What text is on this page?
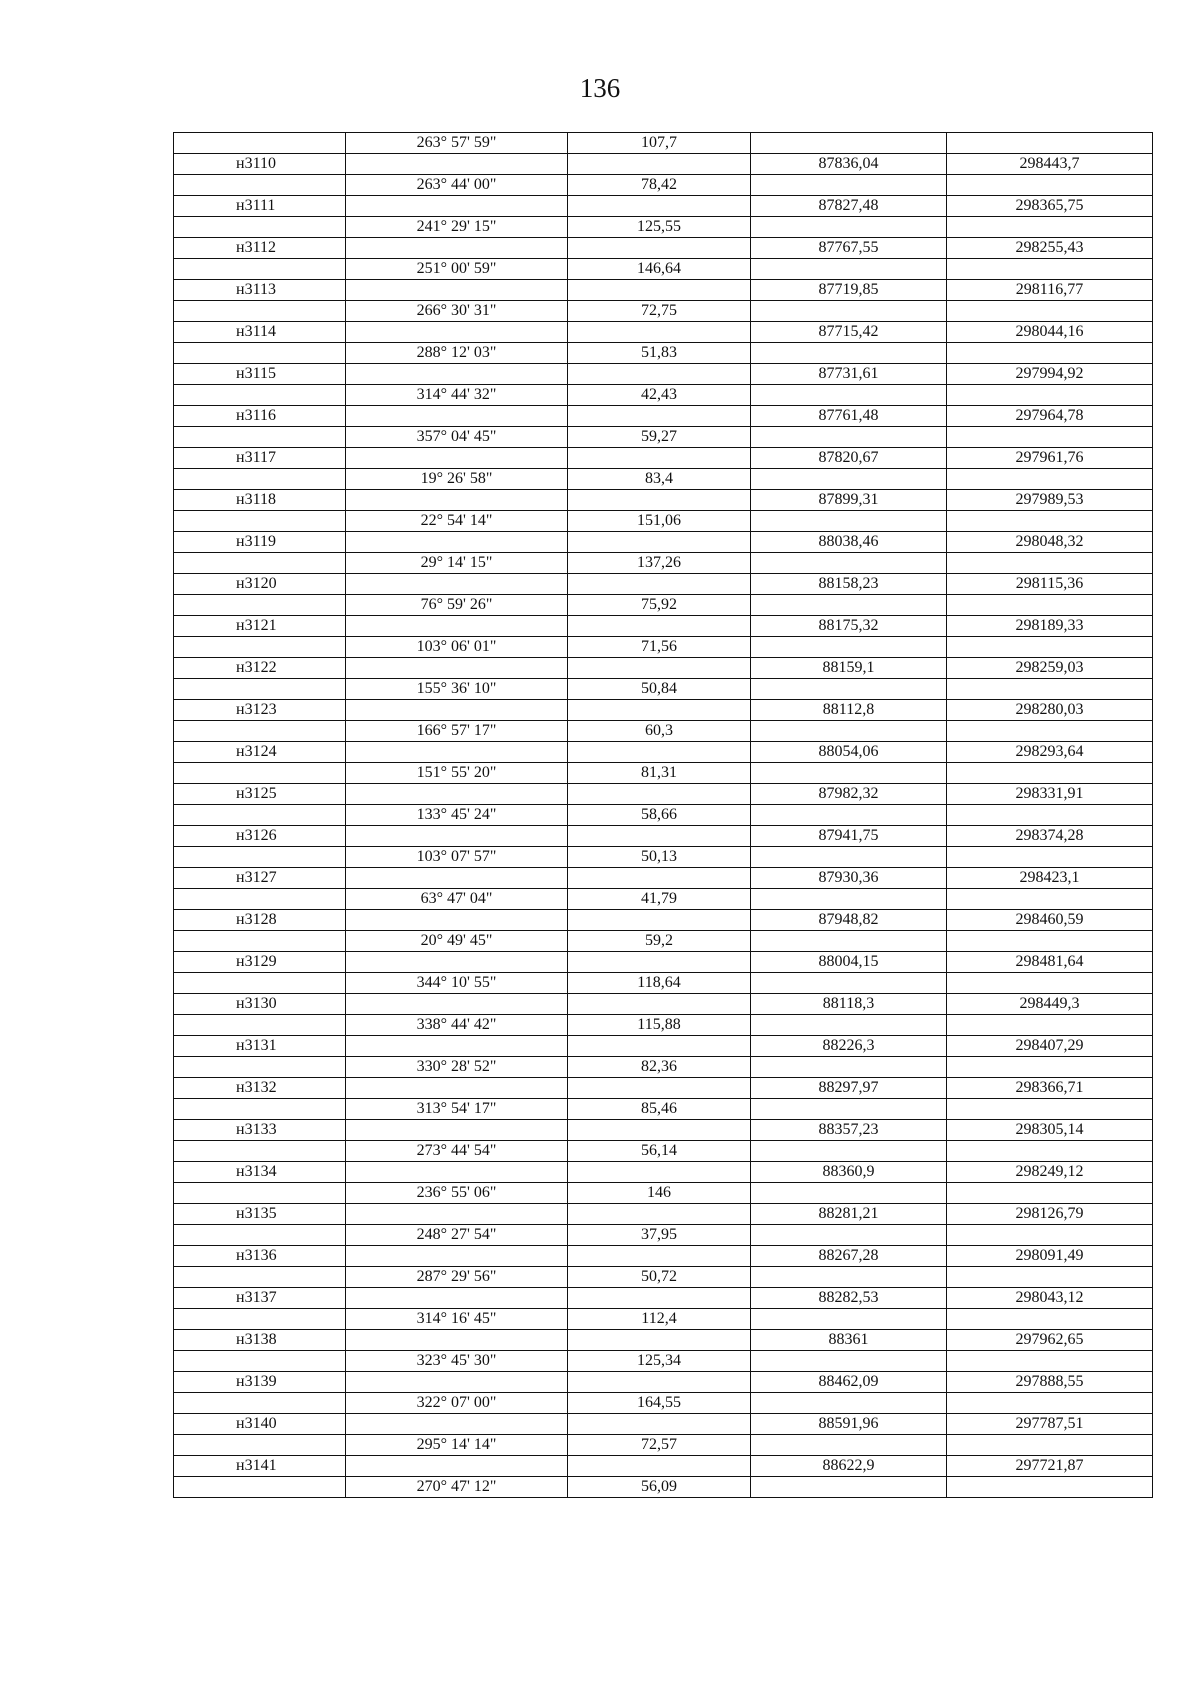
136
	263° 57' 59"	107,7		
н3110			87836,04	298443,7
	263° 44' 00"	78,42		
н3111			87827,48	298365,75
	241° 29' 15"	125,55		
н3112			87767,55	298255,43
	251° 00' 59"	146,64		
н3113			87719,85	298116,77
	266° 30' 31"	72,75		
н3114			87715,42	298044,16
	288° 12' 03"	51,83		
н3115			87731,61	297994,92
	314° 44' 32"	42,43		
н3116			87761,48	297964,78
	357° 04' 45"	59,27		
н3117			87820,67	297961,76
	19° 26' 58"	83,4		
н3118			87899,31	297989,53
	22° 54' 14"	151,06		
н3119			88038,46	298048,32
	29° 14' 15"	137,26		
н3120			88158,23	298115,36
	76° 59' 26"	75,92		
н3121			88175,32	298189,33
	103° 06' 01"	71,56		
н3122			88159,1	298259,03
	155° 36' 10"	50,84		
н3123			88112,8	298280,03
	166° 57' 17"	60,3		
н3124			88054,06	298293,64
	151° 55' 20"	81,31		
н3125			87982,32	298331,91
	133° 45' 24"	58,66		
н3126			87941,75	298374,28
	103° 07' 57"	50,13		
н3127			87930,36	298423,1
	63° 47' 04"	41,79		
н3128			87948,82	298460,59
	20° 49' 45"	59,2		
н3129			88004,15	298481,64
	344° 10' 55"	118,64		
н3130			88118,3	298449,3
	338° 44' 42"	115,88		
н3131			88226,3	298407,29
	330° 28' 52"	82,36		
н3132			88297,97	298366,71
	313° 54' 17"	85,46		
н3133			88357,23	298305,14
	273° 44' 54"	56,14		
н3134			88360,9	298249,12
	236° 55' 06"	146		
н3135			88281,21	298126,79
	248° 27' 54"	37,95		
н3136			88267,28	298091,49
	287° 29' 56"	50,72		
н3137			88282,53	298043,12
	314° 16' 45"	112,4		
н3138			88361	297962,65
	323° 45' 30"	125,34		
н3139			88462,09	297888,55
	322° 07' 00"	164,55		
н3140			88591,96	297787,51
	295° 14' 14"	72,57		
н3141			88622,9	297721,87
	270° 47' 12"	56,09		
